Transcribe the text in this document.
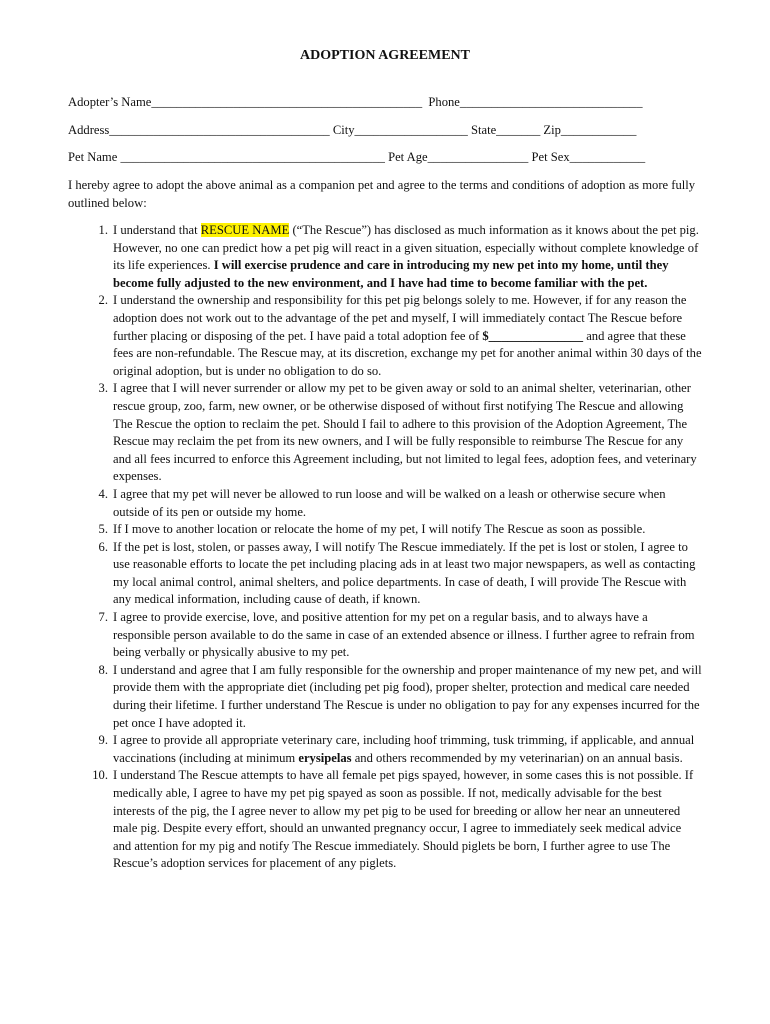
ADOPTION AGREEMENT
Adopter’s Name___________________________________________  Phone_____________________________
Address___________________________________ City__________________ State_______ Zip____________
Pet Name __________________________________________ Pet Age________________ Pet Sex____________
I hereby agree to adopt the above animal as a companion pet and agree to the terms and conditions of adoption as more fully outlined below:
1. I understand that RESCUE NAME (“The Rescue”) has disclosed as much information as it knows about the pet pig. However, no one can predict how a pet pig will react in a given situation, especially without complete knowledge of its life experiences. I will exercise prudence and care in introducing my new pet into my home, until they become fully adjusted to the new environment, and I have had time to become familiar with the pet.
2. I understand the ownership and responsibility for this pet pig belongs solely to me. However, if for any reason the adoption does not work out to the advantage of the pet and myself, I will immediately contact The Rescue before further placing or disposing of the pet. I have paid a total adoption fee of $_______________ and agree that these fees are non-refundable. The Rescue may, at its discretion, exchange my pet for another animal within 30 days of the original adoption, but is under no obligation to do so.
3. I agree that I will never surrender or allow my pet to be given away or sold to an animal shelter, veterinarian, other rescue group, zoo, farm, new owner, or be otherwise disposed of without first notifying The Rescue and allowing The Rescue the option to reclaim the pet. Should I fail to adhere to this provision of the Adoption Agreement, The Rescue may reclaim the pet from its new owners, and I will be fully responsible to reimburse The Rescue for any and all fees incurred to enforce this Agreement including, but not limited to legal fees, adoption fees, and veterinary expenses.
4. I agree that my pet will never be allowed to run loose and will be walked on a leash or otherwise secure when outside of its pen or outside my home.
5. If I move to another location or relocate the home of my pet, I will notify The Rescue as soon as possible.
6. If the pet is lost, stolen, or passes away, I will notify The Rescue immediately. If the pet is lost or stolen, I agree to use reasonable efforts to locate the pet including placing ads in at least two major newspapers, as well as contacting my local animal control, animal shelters, and police departments. In case of death, I will provide The Rescue with any medical information, including cause of death, if known.
7. I agree to provide exercise, love, and positive attention for my pet on a regular basis, and to always have a responsible person available to do the same in case of an extended absence or illness. I further agree to refrain from being verbally or physically abusive to my pet.
8. I understand and agree that I am fully responsible for the ownership and proper maintenance of my new pet, and will provide them with the appropriate diet (including pet pig food), proper shelter, protection and medical care needed during their lifetime. I further understand The Rescue is under no obligation to pay for any expenses incurred for the pet once I have adopted it.
9. I agree to provide all appropriate veterinary care, including hoof trimming, tusk trimming, if applicable, and annual vaccinations (including at minimum erysipelas and others recommended by my veterinarian) on an annual basis.
10. I understand The Rescue attempts to have all female pet pigs spayed, however, in some cases this is not possible. If medically able, I agree to have my pet pig spayed as soon as possible. If not, medically advisable for the best interests of the pig, the I agree never to allow my pet pig to be used for breeding or allow her near an unneutered male pig. Despite every effort, should an unwanted pregnancy occur, I agree to immediately seek medical advice and attention for my pig and notify The Rescue immediately. Should piglets be born, I further agree to use The Rescue’s adoption services for placement of any piglets.
